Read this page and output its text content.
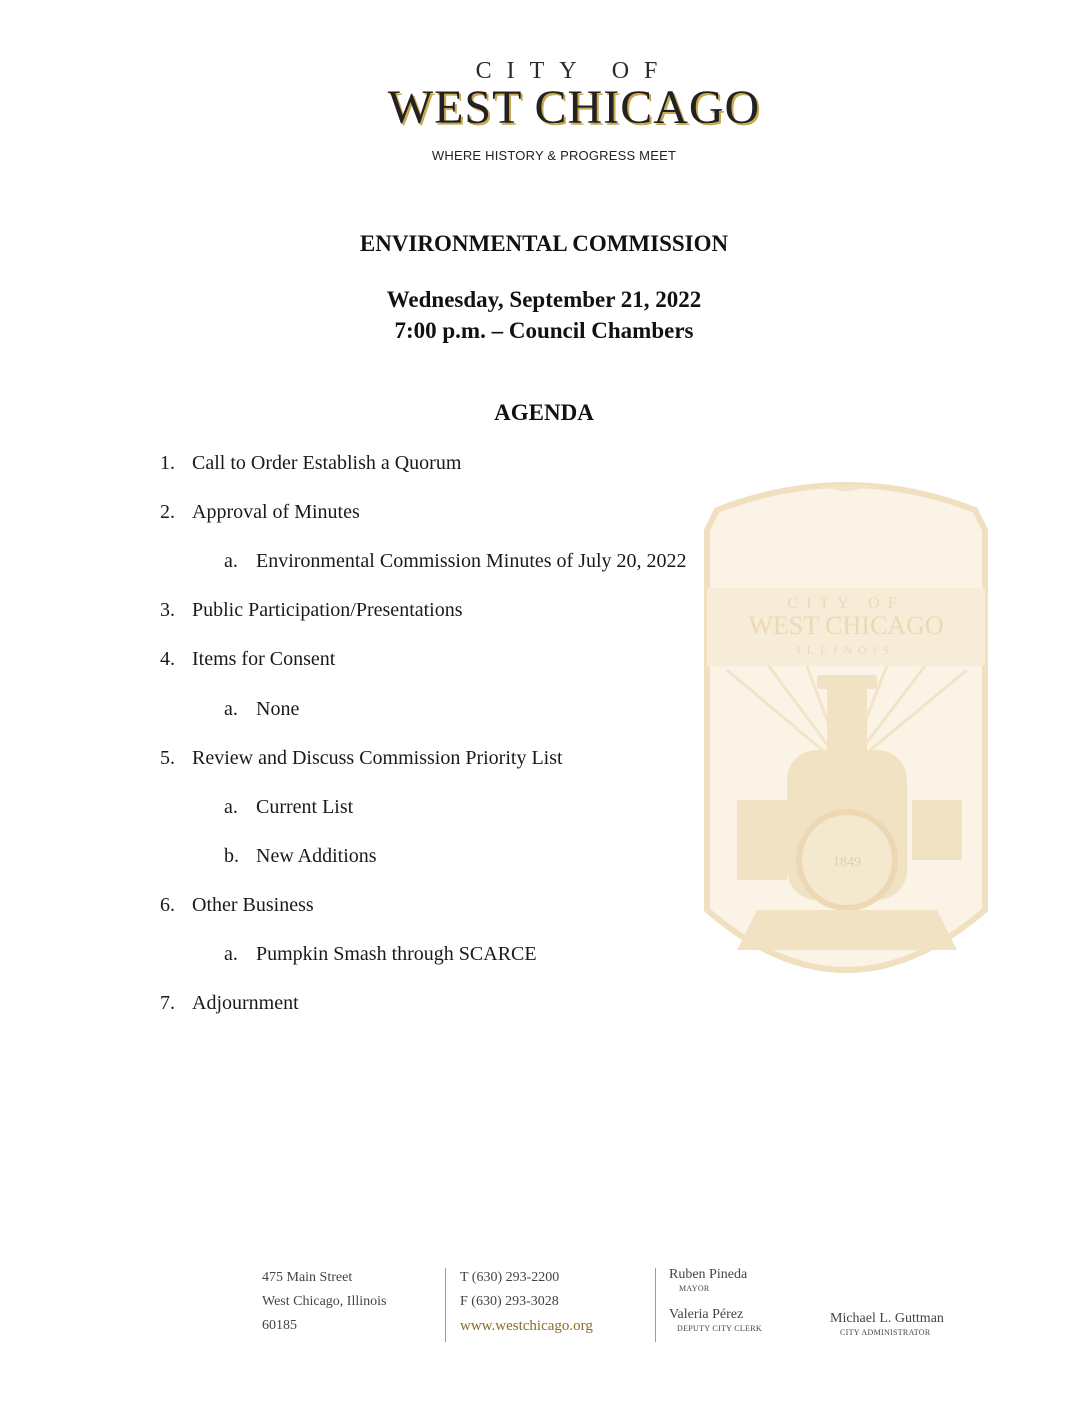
CITY OF
WEST CHICAGO
WHERE HISTORY & PROGRESS MEET
CITY OF
WEST CHICAGO
ILLINOIS
1849
ENVIRONMENTAL COMMISSION
Wednesday, September 21, 2022
7:00 p.m. – Council Chambers
AGENDA
1. Call to Order Establish a Quorum
2. Approval of Minutes
a. Environmental Commission Minutes of July 20, 2022
3. Public Participation/Presentations
4. Items for Consent
a. None
5. Review and Discuss Commission Priority List
a. Current List
b. New Additions
6. Other Business
a. Pumpkin Smash through SCARCE
7. Adjournment
475 Main Street
West Chicago, Illinois
60185
T (630) 293-2200
F (630) 293-3028
www.westchicago.org
Ruben Pineda
MAYOR
Valeria Pérez
DEPUTY CITY CLERK
Michael L. Guttman
CITY ADMINISTRATOR
